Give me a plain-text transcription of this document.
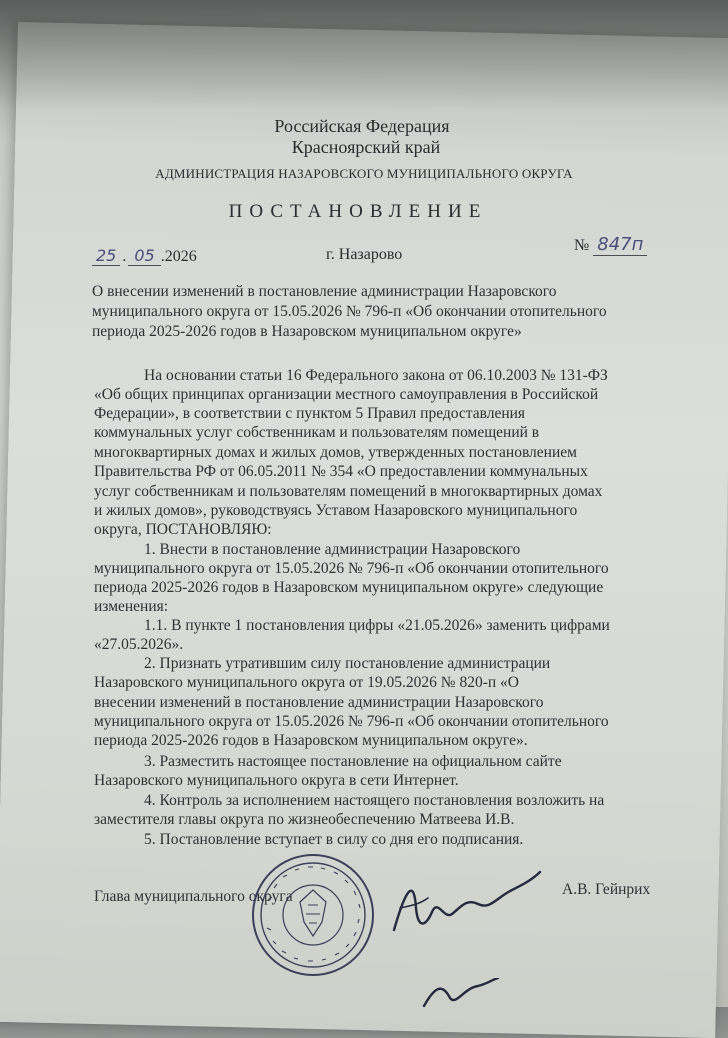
Российская Федерация
Красноярский край
АДМИНИСТРАЦИЯ НАЗАРОВСКОГО МУНИЦИПАЛЬНОГО ОКРУГА
ПОСТАНОВЛЕНИЕ
25 . 05 .2026	г. Назарово
№ 847п
О внесении изменений в постановление администрации Назаровского
муниципального округа от 15.05.2026 № 796-п «Об окончании отопительного
периода 2025-2026 годов в Назаровском муниципальном округе»
На основании статьи 16 Федерального закона от 06.10.2003 № 131-ФЗ
«Об общих принципах организации местного самоуправления в Российской
Федерации», в соответствии с пунктом 5 Правил предоставления
коммунальных услуг собственникам и пользователям помещений в
многоквартирных домах и жилых домов, утвержденных постановлением
Правительства РФ от 06.05.2011 № 354 «О предоставлении коммунальных
услуг собственникам и пользователям помещений в многоквартирных домах
и жилых домов», руководствуясь Уставом Назаровского муниципального
округа, ПОСТАНОВЛЯЮ:
1. Внести в постановление администрации Назаровского
муниципального округа от 15.05.2026 № 796-п «Об окончании отопительного
периода 2025-2026 годов в Назаровском муниципальном округе» следующие
изменения:
1.1. В пункте 1 постановления цифры «21.05.2026» заменить цифрами
«27.05.2026».
2. Признать утратившим силу постановление администрации
Назаровского муниципального округа от 19.05.2026 № 820-п «О
внесении изменений в постановление администрации Назаровского
муниципального округа от 15.05.2026 № 796-п «Об окончании отопительного
периода 2025-2026 годов в Назаровском муниципальном округе».
3. Разместить настоящее постановление на официальном сайте
Назаровского муниципального округа в сети Интернет.
4. Контроль за исполнением настоящего постановления возложить на
заместителя главы округа по жизнеобеспечению Матвеева И.В.
5. Постановление вступает в силу со дня его подписания.
Глава муниципального округа	А.В. Гейнрих
